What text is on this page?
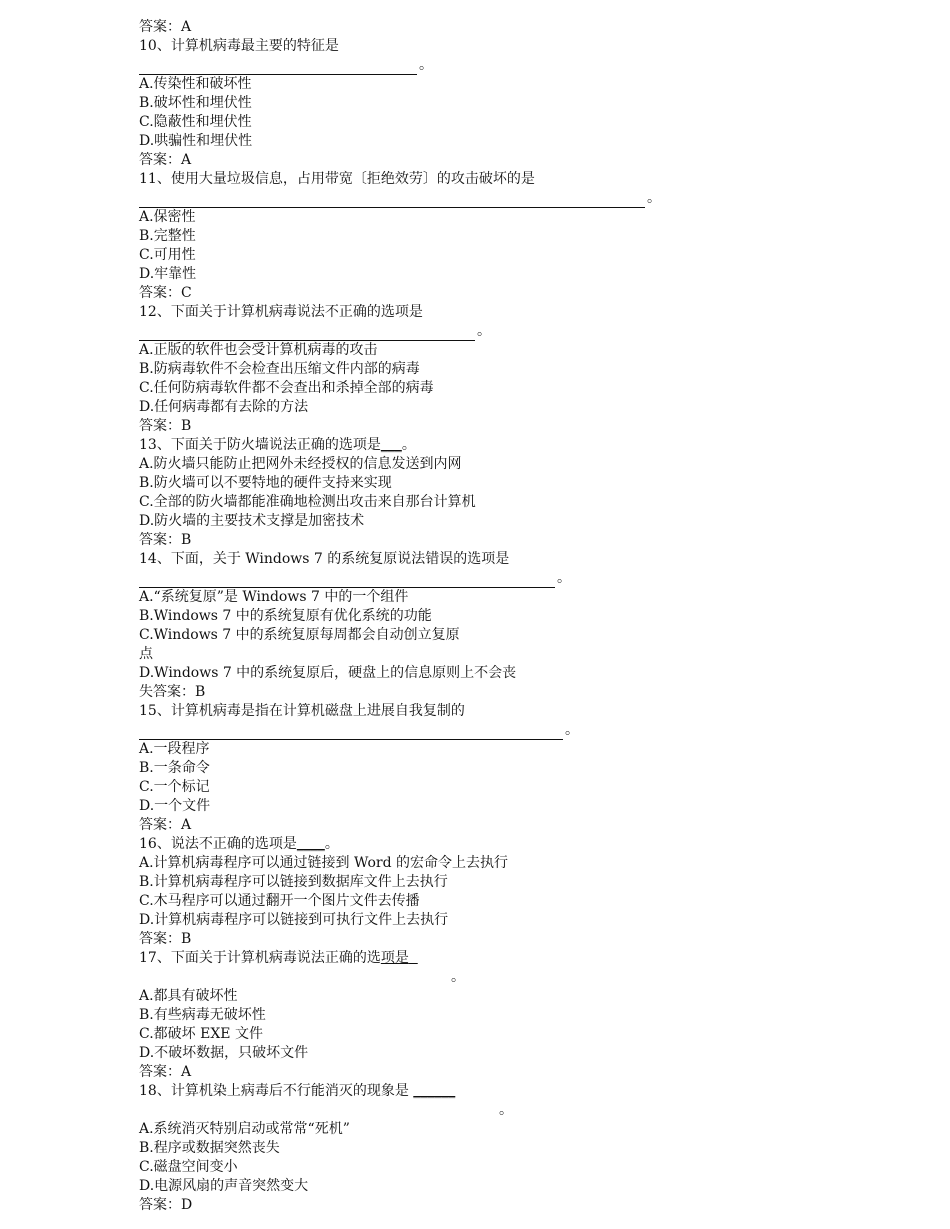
答案：A
10、计算机病毒最主要的特征是
。
A.传染性和破坏性
B.破坏性和埋伏性
C.隐蔽性和埋伏性
D.哄骗性和埋伏性
答案：A
11、使用大量垃圾信息，占用带宽〔拒绝效劳〕的攻击破坏的是
。
A.保密性
B.完整性
C.可用性
D.牢靠性
答案：C
12、下面关于计算机病毒说法不正确的选项是
。
A.正版的软件也会受计算机病毒的攻击
B.防病毒软件不会检查出压缩文件内部的病毒
C.任何防病毒软件都不会查出和杀掉全部的病毒
D.任何病毒都有去除的方法
答案：B
13、下面关于防火墙说法正确的选项是___。
A.防火墙只能防止把网外未经授权的信息发送到内网
B.防火墙可以不要特地的硬件支持来实现
C.全部的防火墙都能准确地检测出攻击来自那台计算机
D.防火墙的主要技术支撑是加密技术
答案：B
14、下面，关于 Windows 7 的系统复原说法错误的选项是
。
A.“系统复原”是 Windows 7 中的一个组件
B.Windows 7 中的系统复原有优化系统的功能
C.Windows 7 中的系统复原每周都会自动创立复原
点
D.Windows 7 中的系统复原后，硬盘上的信息原则上不会丧
失答案：B
15、计算机病毒是指在计算机磁盘上进展自我复制的
。
A.一段程序
B.一条命令
C.一个标记
D.一个文件
答案：A
16、说法不正确的选项是____。
A.计算机病毒程序可以通过链接到 Word 的宏命令上去执行
B.计算机病毒程序可以链接到数据库文件上去执行
C.木马程序可以通过翻开一个图片文件去传播
D.计算机病毒程序可以链接到可执行文件上去执行
答案：B
17、下面关于计算机病毒说法正确的选项是
。
A.都具有破坏性
B.有些病毒无破坏性
C.都破坏 EXE 文件
D.不破坏数据，只破坏文件
答案：A
18、计算机染上病毒后不行能消灭的现象是 ______
。
A.系统消灭特别启动或常常“死机”
B.程序或数据突然丧失
C.磁盘空间变小
D.电源风扇的声音突然变大
答案：D
